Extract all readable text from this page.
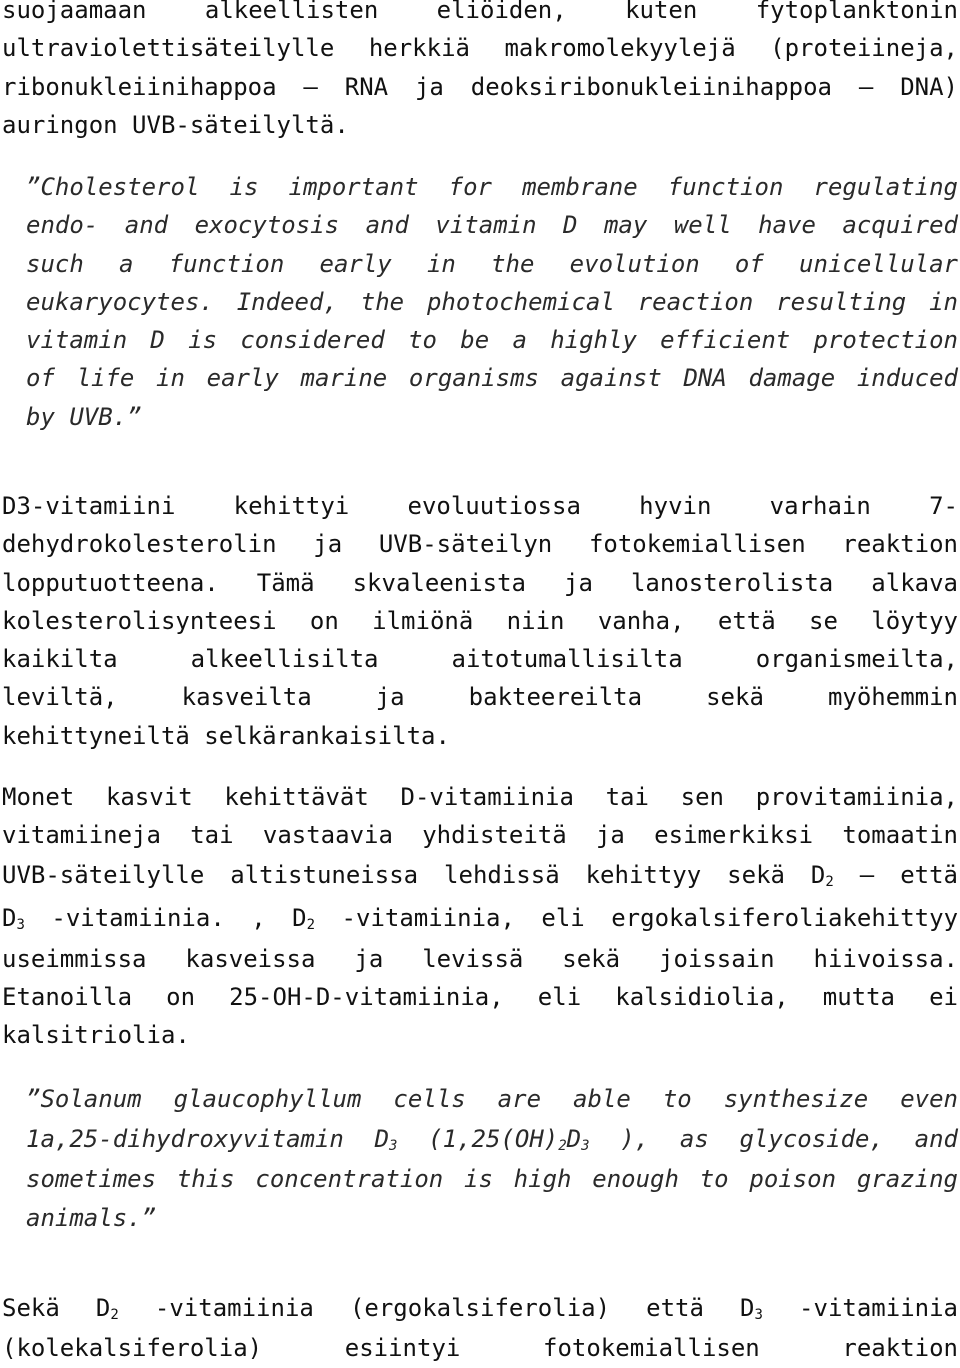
suojaamaan alkeellisten eliöiden, kuten fytoplanktonin
ultraviolettisäteilylle herkkiä makromolekyylejä (proteiineja,
ribonukleiinihappoa – RNA ja deoksiribonukleiinihappoa – DNA)
auringon UVB-säteilyltä.
”Cholesterol is important for membrane function regulating
endo- and exocytosis and vitamin D may well have acquired
such a function early in the evolution of unicellular
eukaryocytes. Indeed, the photochemical reaction resulting in
vitamin D is considered to be a highly efficient protection
of life in early marine organisms against DNA damage induced
by UVB.”
D3-vitamiini kehittyi evoluutiossa hyvin varhain 7-
dehydrokolesterolin ja UVB-säteilyn fotokemiallisen reaktion
lopputuotteena. Tämä skvaleenista ja lanosterolista alkava
kolesterolisynteesi on ilmiönä niin vanha, että se löytyy
kaikilta alkeellisilta aitotumallisilta organismeilta,
leviltä, kasveilta ja bakteereilta sekä myöhemmin
kehittyneiltä selkärankaisilta.
Monet kasvit kehittävät D-vitamiinia tai sen provitamiinia,
vitamiineja tai vastaavia yhdisteitä ja esimerkiksi tomaatin
UVB-säteilylle altistuneissa lehdissä kehittyy sekä $D_2$ – että
$D_3$ -vitamiinia. , $D_2$ -vitamiinia, eli ergokalsiferoliakehittyy
useimmissa kasveissa ja levissä sekä joissain hiivoissa.
Etanoilla on 25-OH-D-vitamiinia, eli kalsidiolia, mutta ei
kalsitriolia.
”Solanum glaucophyllum cells are able to synthesize even
1a,25-dihydroxyvitamin $D_3$ ($1,25(OH)_2D_3$ ), as glycoside, and
sometimes this concentration is high enough to poison grazing
animals.”
Sekä $D_2$ -vitamiinia (ergokalsiferolia) että $D_3$ -vitamiinia
(kolekalsiferolia) esiintyi fotokemiallisen reaktion
